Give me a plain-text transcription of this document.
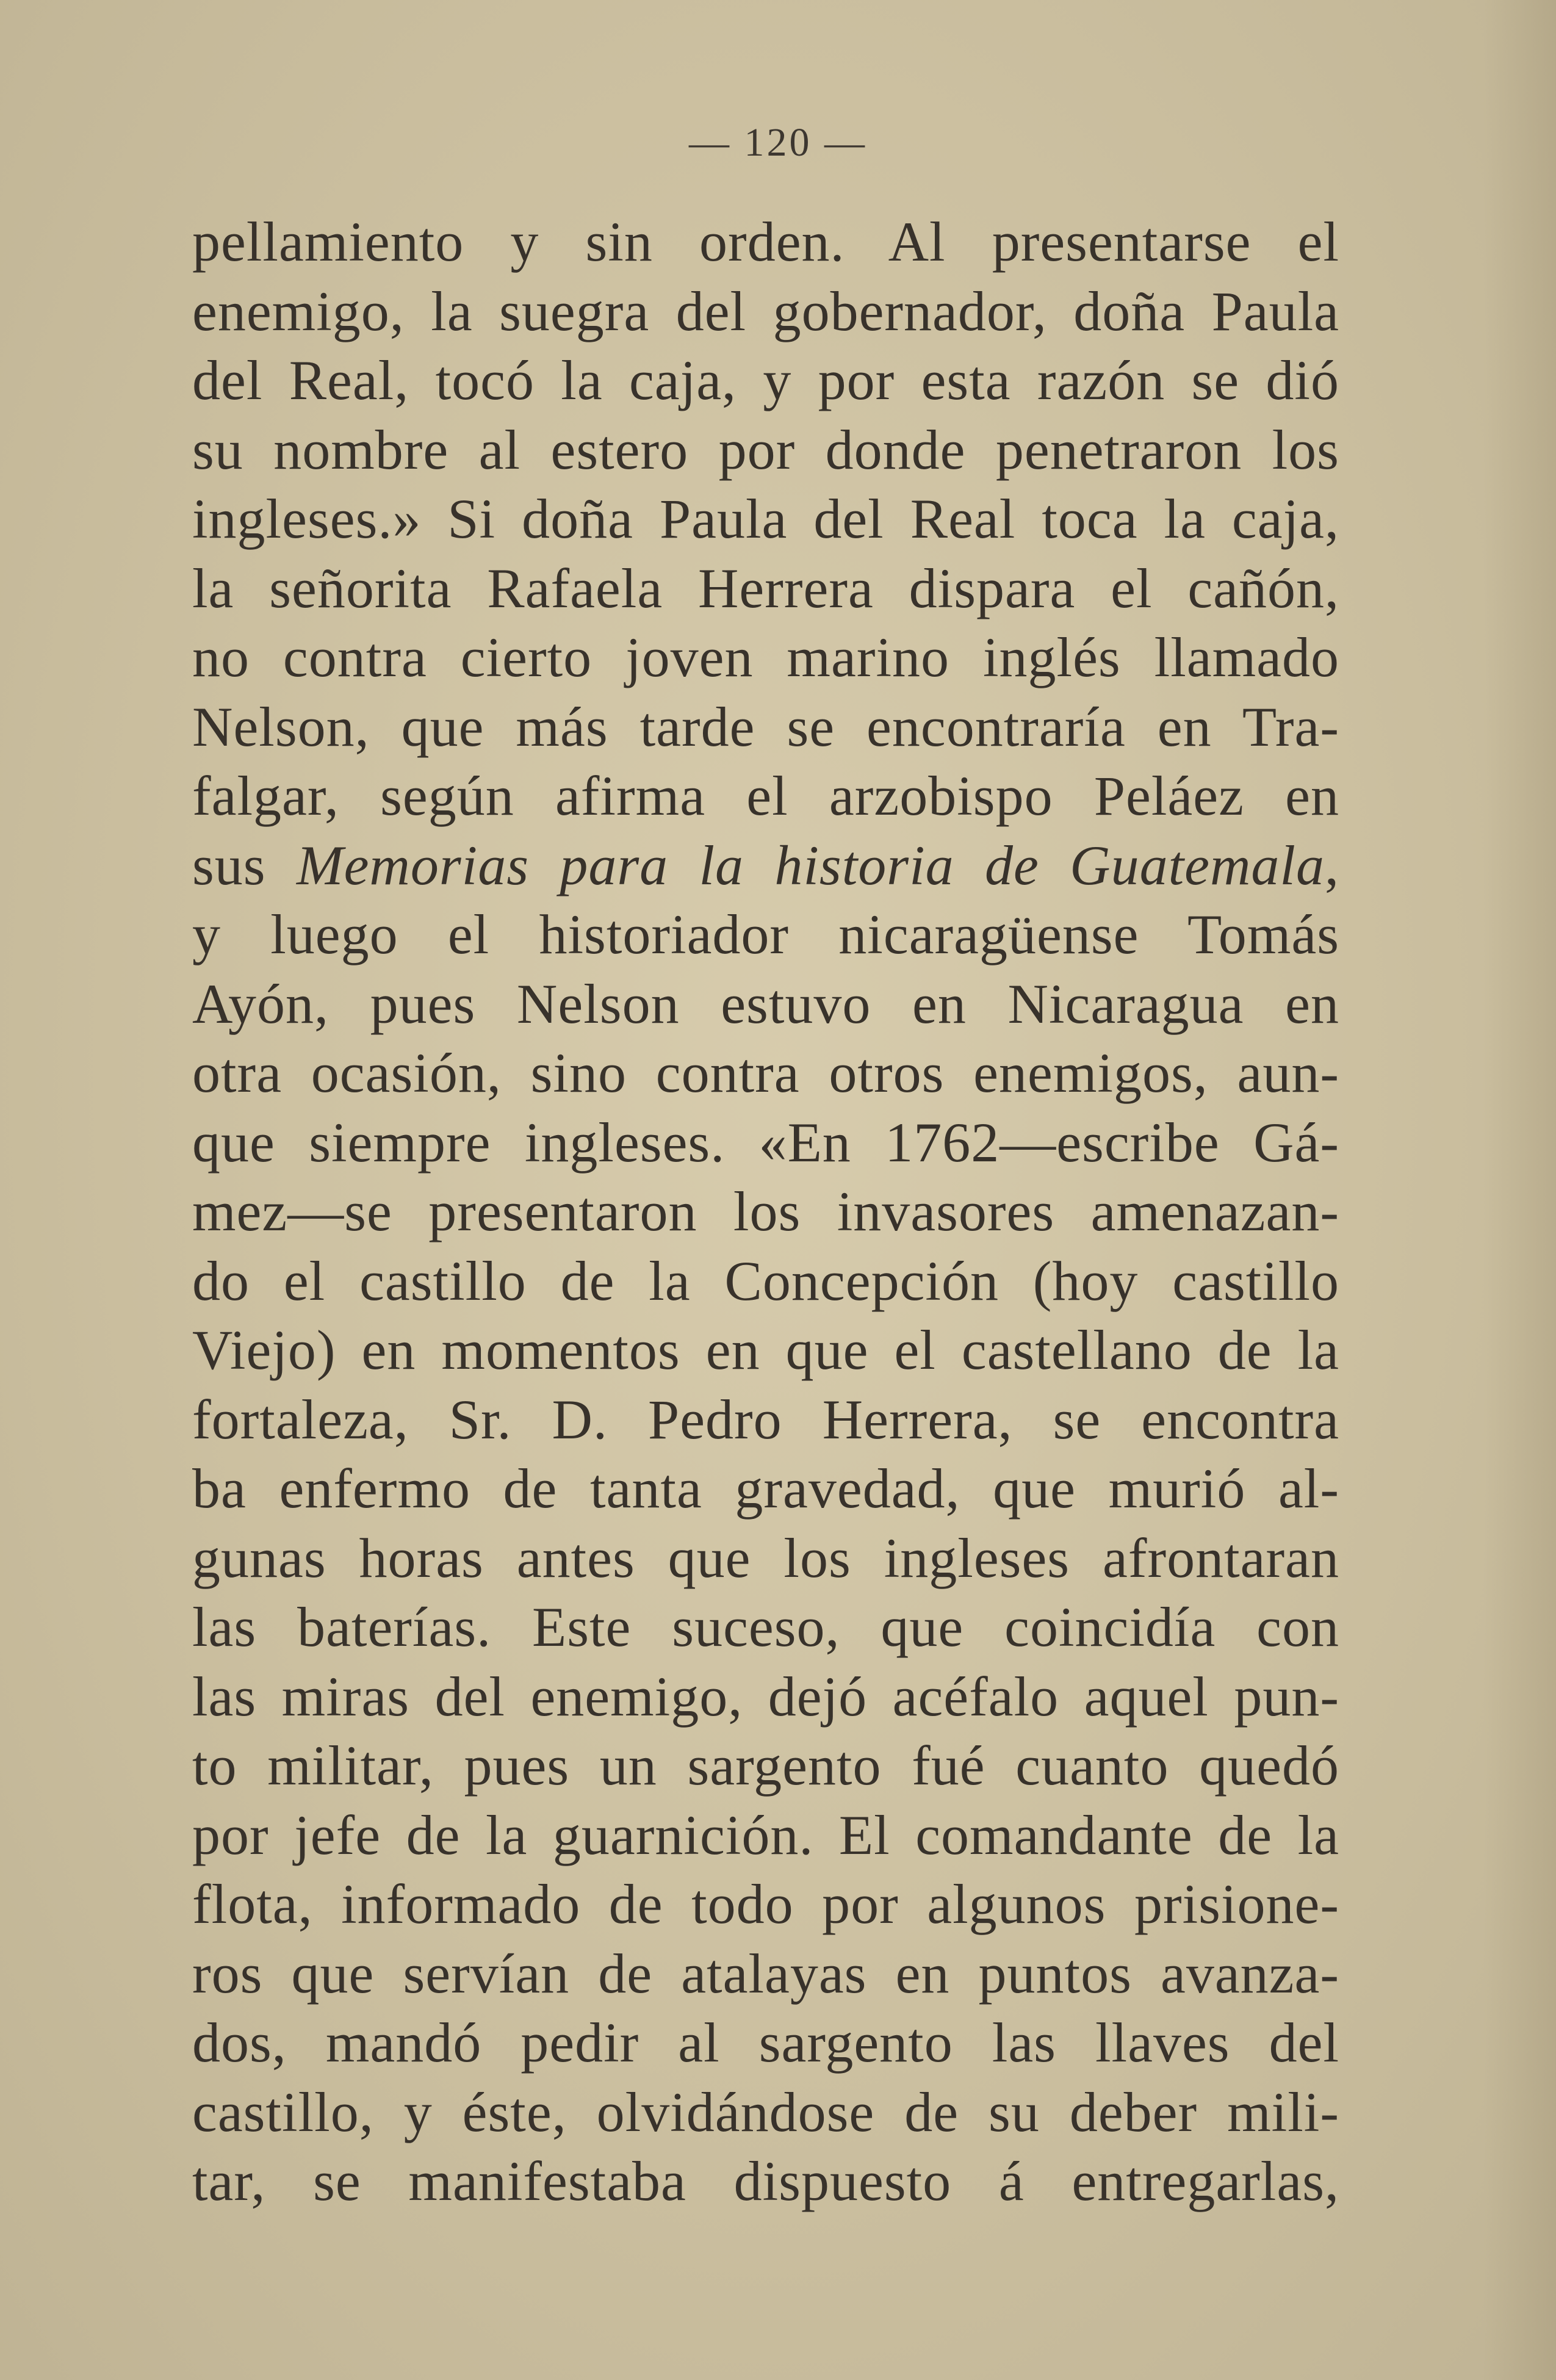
— 120 —
pellamiento y sin orden. Al presentarse el
enemigo, la suegra del gobernador, doña Paula
del Real, tocó la caja, y por esta razón se dió
su nombre al estero por donde penetraron los
ingleses.» Si doña Paula del Real toca la caja,
la señorita Rafaela Herrera dispara el cañón,
no contra cierto joven marino inglés llamado
Nelson, que más tarde se encontraría en Tra-
falgar, según afirma el arzobispo Peláez en
sus Memorias para la historia de Guatemala,
y luego el historiador nicaragüense Tomás
Ayón, pues Nelson estuvo en Nicaragua en
otra ocasión, sino contra otros enemigos, aun-
que siempre ingleses. «En 1762—escribe Gá-
mez—se presentaron los invasores amenazan-
do el castillo de la Concepción (hoy castillo
Viejo) en momentos en que el castellano de la
fortaleza, Sr. D. Pedro Herrera, se encontra
ba enfermo de tanta gravedad, que murió al-
gunas horas antes que los ingleses afrontaran
las baterías. Este suceso, que coincidía con
las miras del enemigo, dejó acéfalo aquel pun-
to militar, pues un sargento fué cuanto quedó
por jefe de la guarnición. El comandante de la
flota, informado de todo por algunos prisione-
ros que servían de atalayas en puntos avanza-
dos, mandó pedir al sargento las llaves del
castillo, y éste, olvidándose de su deber mili-
tar, se manifestaba dispuesto á entregarlas,
